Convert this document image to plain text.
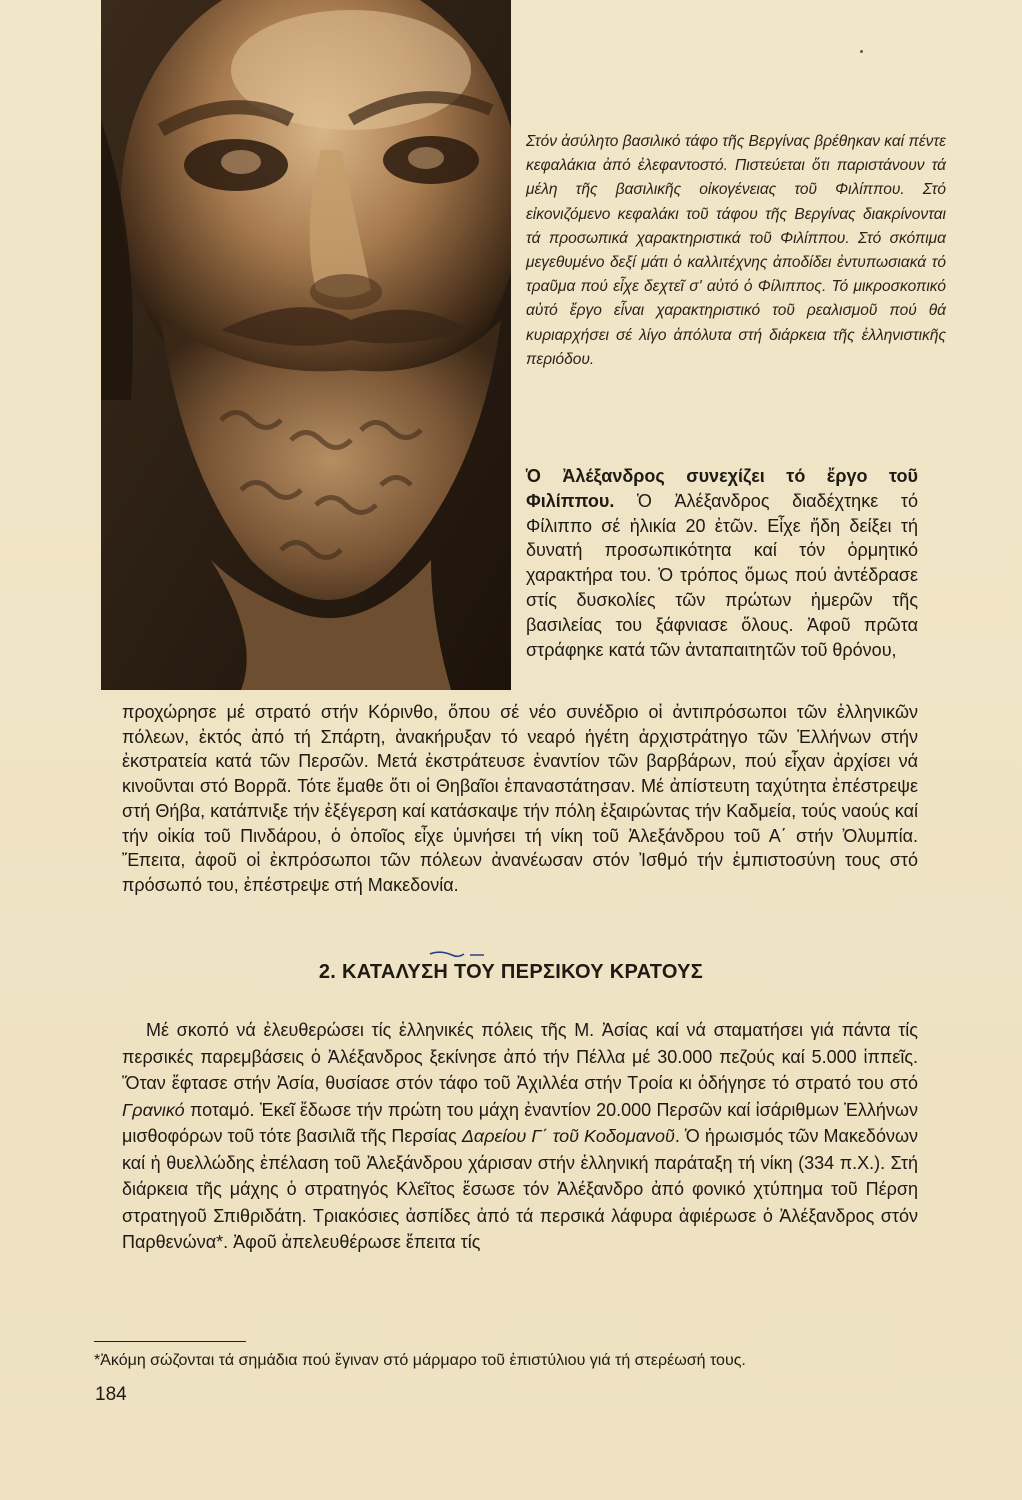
Στόν ἀσύλητο βασιλικό τάφο τῆς Βεργίνας βρέθηκαν καί πέντε κεφαλάκια ἀπό ἐλεφαντοστό. Πιστεύεται ὅτι παριστάνουν τά μέλη τῆς βασιλικῆς οἰκογένειας τοῦ Φιλίππου. Στό εἰκονιζόμενο κεφαλάκι τοῦ τάφου τῆς Βεργίνας διακρίνονται τά προσωπικά χαρακτηριστικά τοῦ Φιλίππου. Στό σκόπιμα μεγεθυμένο δεξί μάτι ὁ καλλιτέχνης ἀποδίδει ἐντυπωσιακά τό τραῦμα πού εἶχε δεχτεῖ σ' αὐτό ὁ Φίλιππος. Τό μικροσκοπικό αὐτό ἔργο εἶναι χαρακτηριστικό τοῦ ρεαλισμοῦ πού θά κυριαρχήσει σέ λίγο ἀπόλυτα στή διάρκεια τῆς ἑλληνιστικῆς περιόδου.
Ὁ Ἀλέξανδρος συνεχίζει τό ἔργο τοῦ Φιλίππου. Ὁ Ἀλέξανδρος διαδέχτηκε τό Φίλιππο σέ ἡλικία 20 ἐτῶν. Εἶχε ἤδη δείξει τή δυνατή προσωπικότητα καί τόν ὁρμητικό χαρακτήρα του. Ὁ τρόπος ὅμως πού ἀντέδρασε στίς δυσκολίες τῶν πρώτων ἡμερῶν τῆς βασιλείας του ξάφνιασε ὅλους. Ἀφοῦ πρῶτα στράφηκε κατά τῶν ἀνταπαιτητῶν τοῦ θρόνου,
προχώρησε μέ στρατό στήν Κόρινθο, ὅπου σέ νέο συνέδριο οἱ ἀντιπρόσωποι τῶν ἑλληνικῶν πόλεων, ἐκτός ἀπό τή Σπάρτη, ἀνακήρυξαν τό νεαρό ἡγέτη ἀρχιστράτηγο τῶν Ἑλλήνων στήν ἐκστρατεία κατά τῶν Περσῶν. Μετά ἐκστράτευσε ἐναντίον τῶν βαρβάρων, πού εἶχαν ἀρχίσει νά κινοῦνται στό Βορρᾶ. Τότε ἔμαθε ὅτι οἱ Θηβαῖοι ἐπαναστάτησαν. Μέ ἀπίστευτη ταχύτητα ἐπέστρεψε στή Θήβα, κατάπνιξε τήν ἐξέγερση καί κατάσκαψε τήν πόλη ἐξαιρώντας τήν Καδμεία, τούς ναούς καί τήν οἰκία τοῦ Πινδάρου, ὁ ὁποῖος εἶχε ὑμνήσει τή νίκη τοῦ Ἀλεξάνδρου τοῦ Α΄ στήν Ὀλυμπία. Ἔπειτα, ἀφοῦ οἱ ἐκπρόσωποι τῶν πόλεων ἀνανέωσαν στόν Ἰσθμό τήν ἐμπιστοσύνη τους στό πρόσωπό του, ἐπέστρεψε στή Μακεδονία.
2. ΚΑΤΑΛΥΣΗ ΤΟΥ ΠΕΡΣΙΚΟΥ ΚΡΑΤΟΥΣ
Μέ σκοπό νά ἐλευθερώσει τίς ἑλληνικές πόλεις τῆς Μ. Ἀσίας καί νά σταματήσει γιά πάντα τίς περσικές παρεμβάσεις ὁ Ἀλέξανδρος ξεκίνησε ἀπό τήν Πέλλα μέ 30.000 πεζούς καί 5.000 ἱππεῖς. Ὅταν ἔφτασε στήν Ἀσία, θυσίασε στόν τάφο τοῦ Ἀχιλλέα στήν Τροία κι ὁδήγησε τό στρατό του στό Γρανικό ποταμό. Ἐκεῖ ἔδωσε τήν πρώτη του μάχη ἐναντίον 20.000 Περσῶν καί ἰσάριθμων Ἑλλήνων μισθοφόρων τοῦ τότε βασιλιᾶ τῆς Περσίας Δαρείου Γ΄ τοῦ Κοδομανοῦ. Ὁ ἡρωισμός τῶν Μακεδόνων καί ἡ θυελλώδης ἐπέλαση τοῦ Ἀλεξάνδρου χάρισαν στήν ἑλληνική παράταξη τή νίκη (334 π.Χ.). Στή διάρκεια τῆς μάχης ὁ στρατηγός Κλεῖτος ἔσωσε τόν Ἀλέξανδρο ἀπό φονικό χτύπημα τοῦ Πέρση στρατηγοῦ Σπιθριδάτη. Τριακόσιες ἀσπίδες ἀπό τά περσικά λάφυρα ἀφιέρωσε ὁ Ἀλέξανδρος στόν Παρθενώνα*. Ἀφοῦ ἀπελευθέρωσε ἔπειτα τίς
*Ἀκόμη σώζονται τά σημάδια πού ἔγιναν στό μάρμαρο τοῦ ἐπιστύλιου γιά τή στερέωσή τους.
184
